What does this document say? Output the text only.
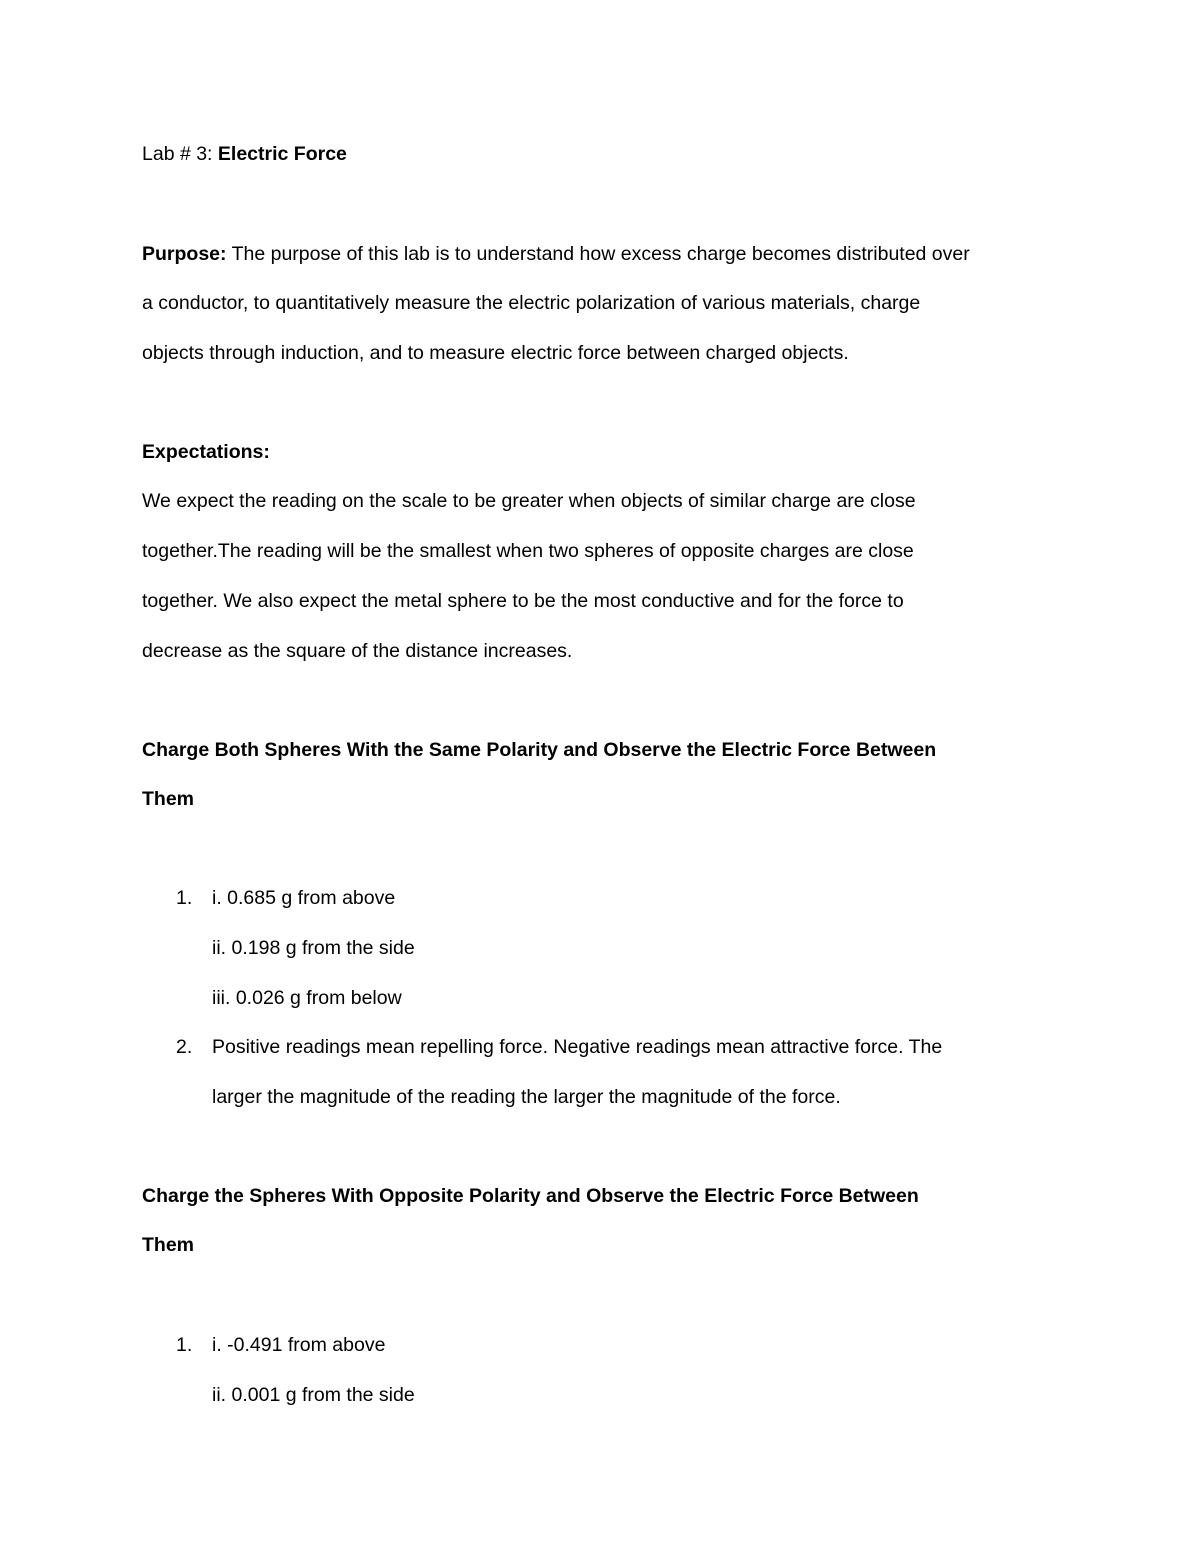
Lab # 3: Electric Force
Purpose: The purpose of this lab is to understand how excess charge becomes distributed over
a conductor, to quantitatively measure the electric polarization of various materials, charge
objects through induction, and to measure electric force between charged objects.
Expectations:
We expect the reading on the scale to be greater when objects of similar charge are close
together.The reading will be the smallest when two spheres of opposite charges are close
together. We also expect the metal sphere to be the most conductive and for the force to
decrease as the square of the distance increases.
Charge Both Spheres With the Same Polarity and Observe the Electric Force Between
Them
1. i. 0.685 g from above
ii. 0.198 g from the side
iii. 0.026 g from below
2. Positive readings mean repelling force. Negative readings mean attractive force. The
larger the magnitude of the reading the larger the magnitude of the force.
Charge the Spheres With Opposite Polarity and Observe the Electric Force Between
Them
1. i. -0.491 from above
ii. 0.001 g from the side
